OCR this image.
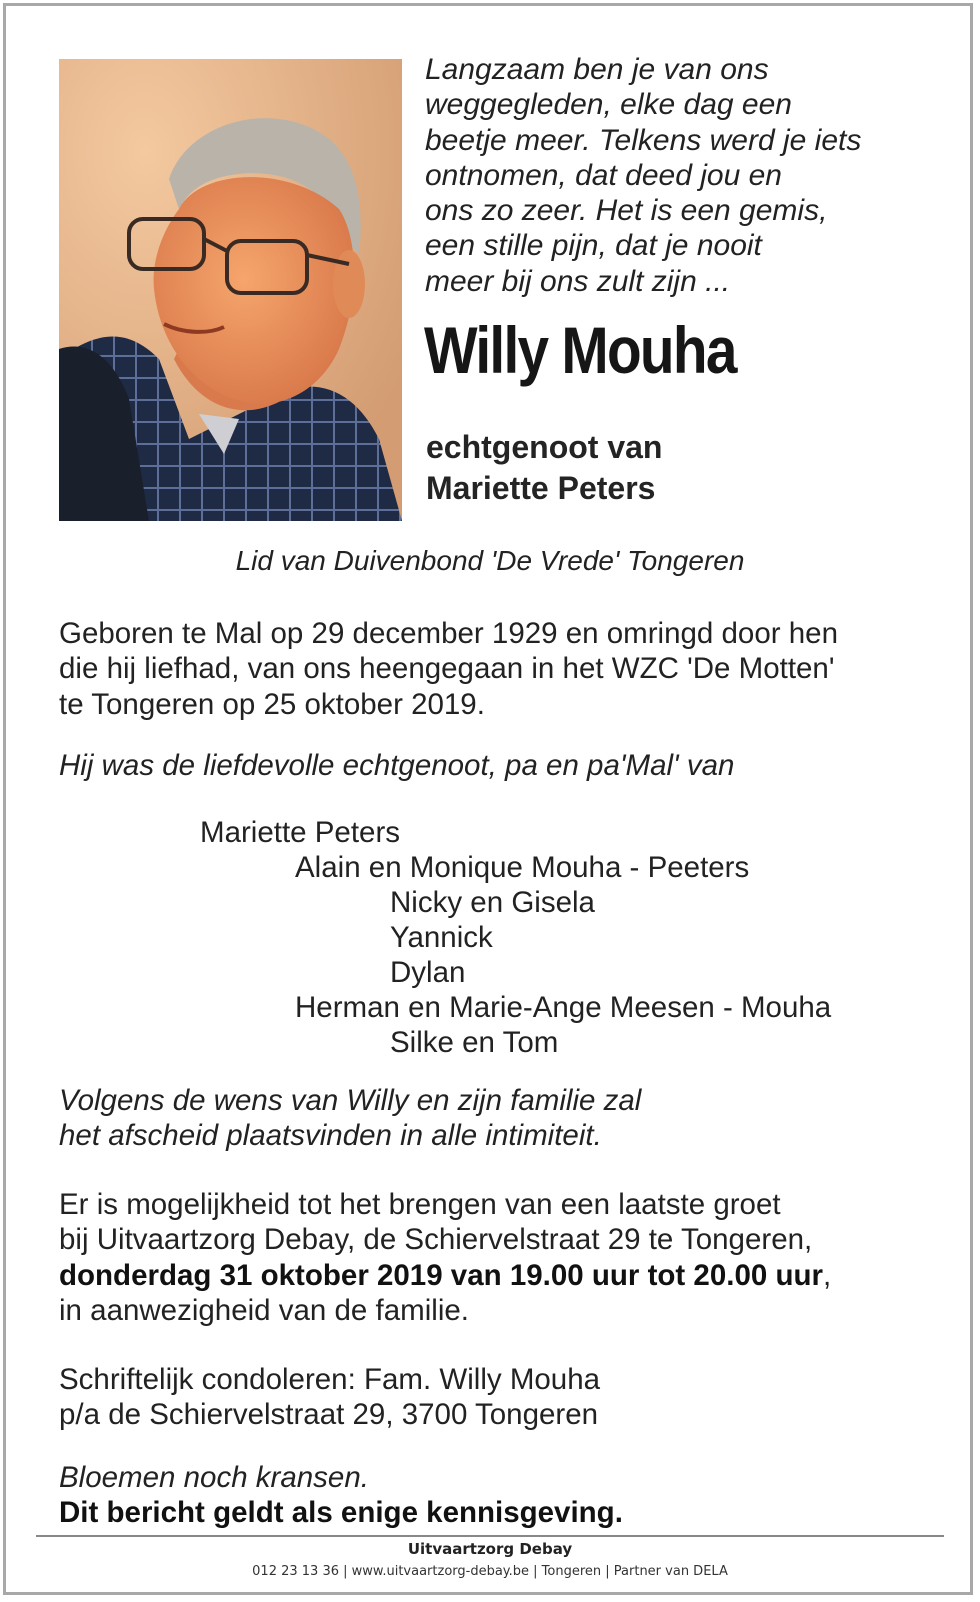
Langzaam ben je van ons
weggegleden, elke dag een
beetje meer. Telkens werd je iets
ontnomen, dat deed jou en
ons zo zeer. Het is een gemis,
een stille pijn, dat je nooit
meer bij ons zult zijn ...
Willy Mouha
echtgenoot van
Mariette Peters
Lid van Duivenbond 'De Vrede' Tongeren
Geboren te Mal op 29 december 1929 en omringd door hen
die hij liefhad, van ons heengegaan in het WZC 'De Motten'
te Tongeren op 25 oktober 2019.
Hij was de liefdevolle echtgenoot, pa en pa'Mal' van
Mariette Peters
Alain en Monique Mouha - Peeters
Nicky en Gisela
Yannick
Dylan
Herman en Marie-Ange Meesen - Mouha
Silke en Tom
Volgens de wens van Willy en zijn familie zal
het afscheid plaatsvinden in alle intimiteit.
Er is mogelijkheid tot het brengen van een laatste groet
bij Uitvaartzorg Debay, de Schiervelstraat 29 te Tongeren,
donderdag 31 oktober 2019 van 19.00 uur tot 20.00 uur,
in aanwezigheid van de familie.
Schriftelijk condoleren: Fam. Willy Mouha
p/a de Schiervelstraat 29, 3700 Tongeren
Bloemen noch kransen.
Dit bericht geldt als enige kennisgeving.
Uitvaartzorg Debay
012 23 13 36 | www.uitvaartzorg-debay.be | Tongeren | Partner van DELA
